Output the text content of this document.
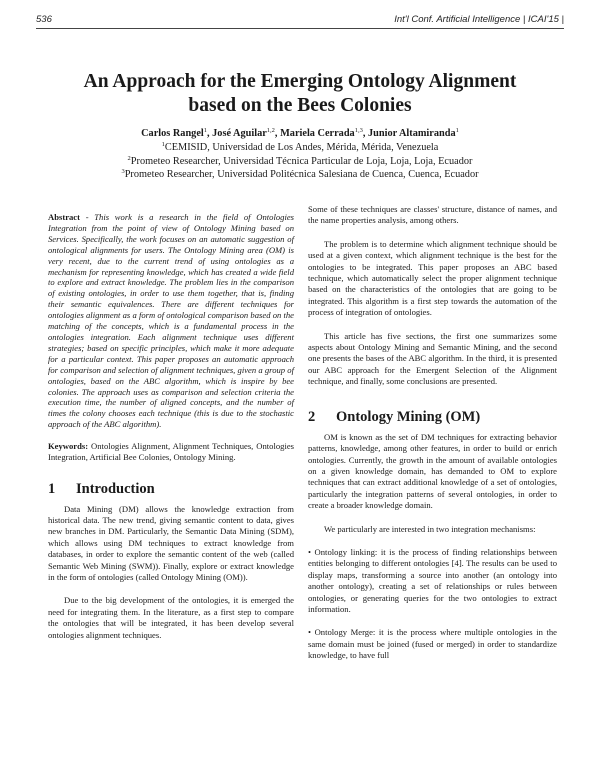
536	Int'l Conf. Artificial Intelligence | ICAI'15 |
An Approach for the Emerging Ontology Alignment
based on the Bees Colonies
Carlos Rangel$^1$, José Aguilar$^{1,2}$, Mariela Cerrada$^{1,3}$, Junior Altamiranda$^1$
$^1$CEMISID, Universidad de Los Andes, Mérida, Mérida, Venezuela
$^2$Prometeo Researcher, Universidad Técnica Particular de Loja, Loja, Loja, Ecuador
$^3$Prometeo Researcher, Universidad Politécnica Salesiana de Cuenca, Cuenca, Ecuador
Abstract - This work is a research in the field of Ontologies Integration from the point of view of Ontology Mining based on Services. Specifically, the work focuses on an automatic suggestion of ontological alignments for users. The Ontology Mining area (OM) is very recent, due to the current trend of using ontologies as a mechanism for representing knowledge, which has created a wide field to explore and extract knowledge. The problem lies in the comparison of existing ontologies, in order to use them together, that is, finding their semantic equivalences. There are different techniques for ontologies alignment as a form of ontological comparison based on the matching of the concepts, which is a fundamental process in the ontologies integration. Each alignment technique uses different strategies; based on specific principles, which make it more adequate for a particular context. This paper proposes an automatic approach for comparison and selection of alignment techniques, given a group of ontologies, based on the ABC algorithm, which is inspire by bee colonies. The approach uses as comparison and selection criteria the execution time, the number of aligned concepts, and the number of times the colony chooses each technique (this is due to the stochastic approach of the ABC algorithm).
Keywords: Ontologies Alignment, Alignment Techniques, Ontologies Integration, Artificial Bee Colonies, Ontology Mining.
1 Introduction
Data Mining (DM) allows the knowledge extraction from historical data. The new trend, giving semantic content to data, gives new branches in DM. Particularly, the Semantic Data Mining (SDM), which allows using DM techniques to extract knowledge from databases, in order to explore the semantic content of the web (called Semantic Web Mining (SWM)). Finally, explore or extract knowledge in the form of ontologies (called Ontology Mining (OM)).
Due to the big development of the ontologies, it is emerged the need for integrating them. In the literature, as a first step to compare the ontologies that will be integrated, it has been develop several ontologies alignment techniques.
Some of these techniques are classes' structure, distance of names, and the name properties analysis, among others.
The problem is to determine which alignment technique should be used at a given context, which alignment technique is the best for the ontologies to be integrated. This paper proposes an ABC based technique, which automatically select the proper alignment technique based on the characteristics of the ontologies that are going to be integrated. This algorithm is a first step towards the automation of the process of integration of ontologies.
This article has five sections, the first one summarizes some aspects about Ontology Mining and Semantic Mining, and the second one presents the bases of the ABC algorithm. In the third, it is presented our ABC approach for the Emergent Selection of the Alignment technique, and finally, some conclusions are presented.
2 Ontology Mining (OM)
OM is known as the set of DM techniques for extracting behavior patterns, knowledge, among other features, in order to build or enrich ontologies. Currently, the growth in the amount of available ontologies on a given knowledge domain, has demanded to OM to explore techniques that can extract additional knowledge of a set of ontologies, particularly the integration patterns of several ontologies, in order to create a broader knowledge domain.
We particularly are interested in two integration mechanisms:
• Ontology linking: it is the process of finding relationships between entities belonging to different ontologies [4]. The results can be used to display maps, transforming a source into another (an ontology into another ontology), creating a set of relationships or rules between ontologies, or generating queries for the two ontologies to extract information.
• Ontology Merge: it is the process where multiple ontologies in the same domain must be joined (fused or merged) in order to standardize knowledge, to have full
